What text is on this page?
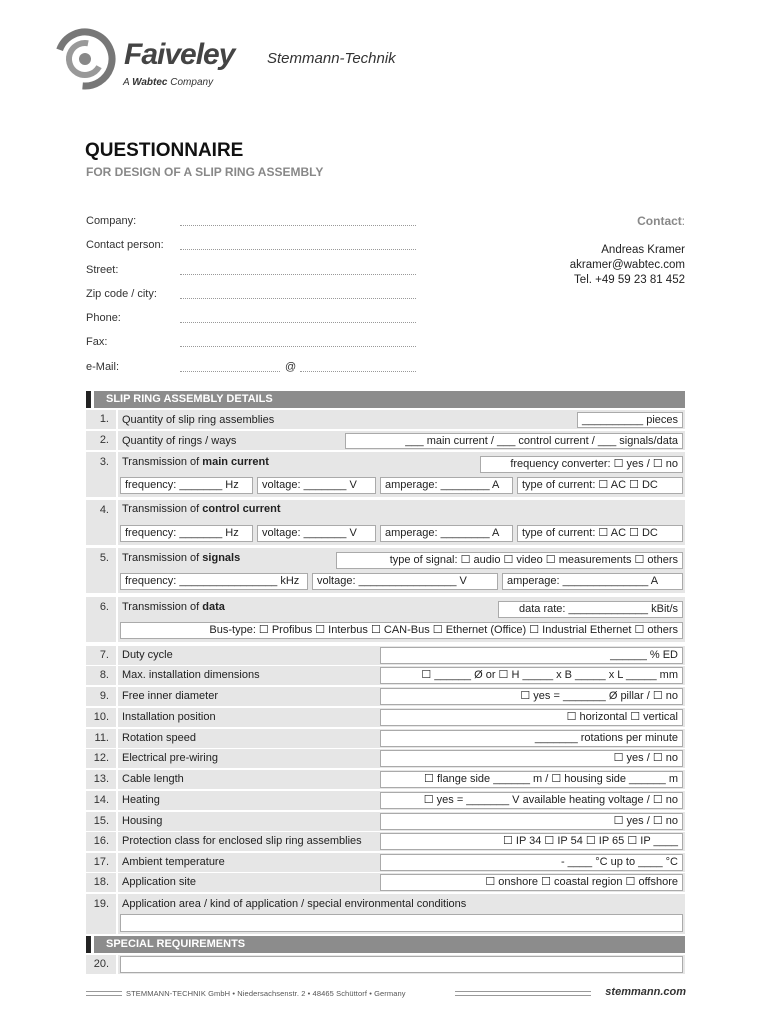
Faiveley Stemmann-Technik
A Wabtec Company
QUESTIONNAIRE
FOR DESIGN OF A SLIP RING ASSEMBLY
Company:
Contact person:
Street:
Zip code / city:
Phone:
Fax:
e-Mail:	@
Contact:
Andreas Kramer
akramer@wabtec.com
Tel. +49 59 23 81 452
SLIP RING ASSEMBLY DETAILS
1.	Quantity of slip ring assemblies	__________ pieces
2.	Quantity of rings / ways	___ main current / ___ control current / ___ signals/data
3.	Transmission of main current	frequency converter: ☐ yes / ☐ no
frequency: _______ Hz	voltage: _______ V	amperage: ________ A	type of current: ☐ AC ☐ DC
4.	Transmission of control current
frequency: _______ Hz	voltage: _______ V	amperage: ________ A	type of current: ☐ AC ☐ DC
5.	Transmission of signals	type of signal: ☐ audio ☐ video ☐ measurements ☐ others
frequency: ________________ kHz	voltage: ________________ V	amperage: ______________ A
6.	Transmission of data	data rate: _____________ kBit/s
Bus-type: ☐ Profibus ☐ Interbus ☐ CAN-Bus ☐ Ethernet (Office) ☐ Industrial Ethernet ☐ others
7.	Duty cycle	______ % ED
8.	Max. installation dimensions	☐ ______ Ø or ☐ H _____ x B _____ x L _____ mm
9.	Free inner diameter	☐ yes = _______ Ø pillar / ☐ no
10.	Installation position	☐ horizontal ☐ vertical
11.	Rotation speed	_______ rotations per minute
12.	Electrical pre-wiring	☐ yes / ☐ no
13.	Cable length	☐ flange side ______ m / ☐ housing side ______ m
14.	Heating	☐ yes = _______ V available heating voltage / ☐ no
15.	Housing	☐ yes / ☐ no
16.	Protection class for enclosed slip ring assemblies	☐ IP 34 ☐ IP 54 ☐ IP 65 ☐ IP ____
17.	Ambient temperature	- ____ °C up to ____ °C
18.	Application site	☐ onshore ☐ coastal region ☐ offshore
19.	Application area / kind of application / special environmental conditions
SPECIAL REQUIREMENTS
20.
STEMMANN-TECHNIK GmbH • Niedersachsenstr. 2 • 48465 Schüttorf • Germany	stemmann.com
